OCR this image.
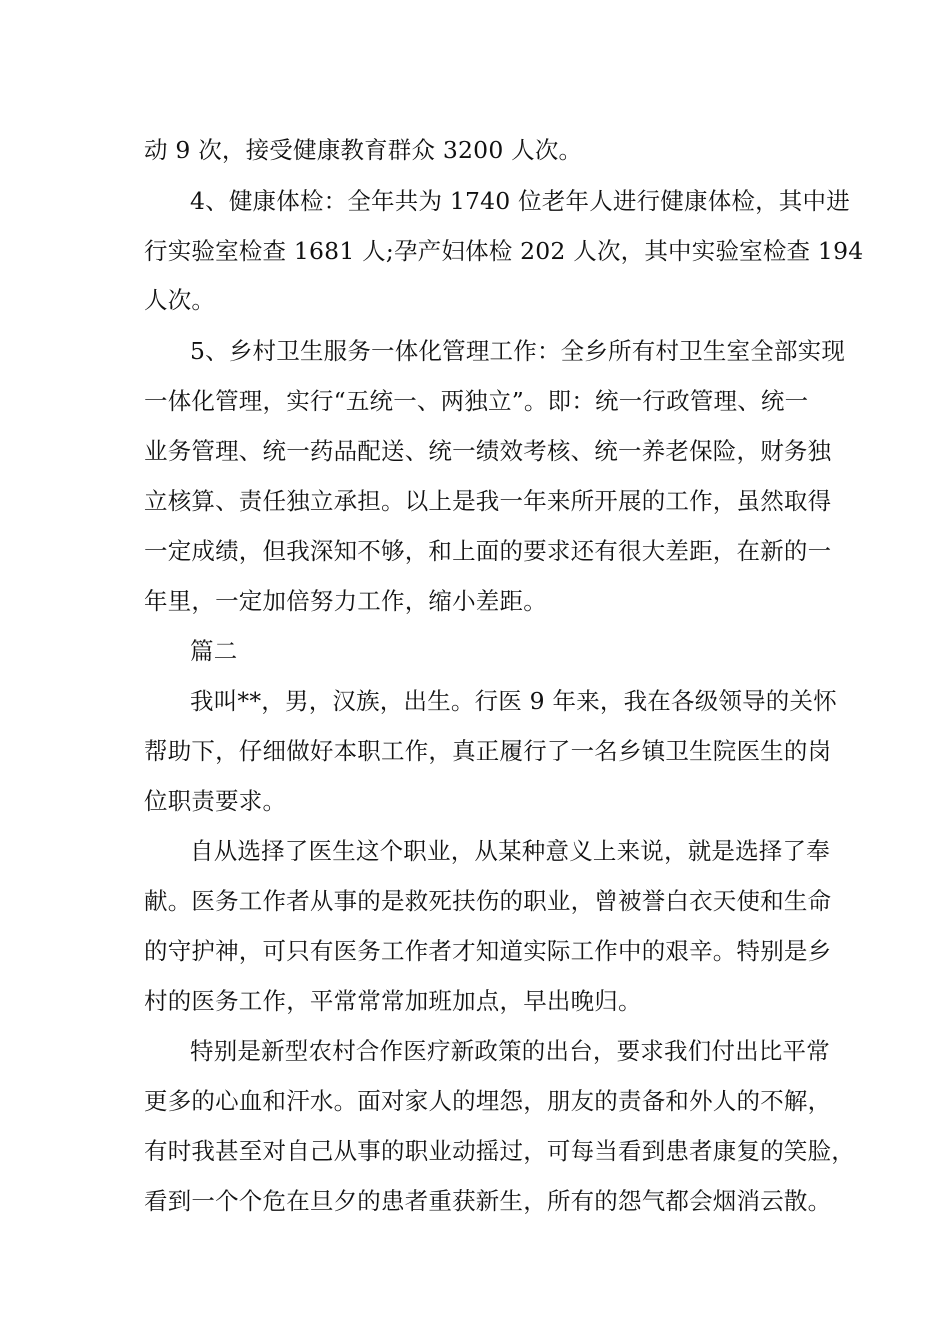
动 9 次，接受健康教育群众 3200 人次。
4、健康体检：全年共为 1740 位老年人进行健康体检，其中进
行实验室检查 1681 人;孕产妇体检 202 人次，其中实验室检查 194
人次。
5、乡村卫生服务一体化管理工作：全乡所有村卫生室全部实现
一体化管理，实行“五统一、两独立”。即：统一行政管理、统一
业务管理、统一药品配送、统一绩效考核、统一养老保险，财务独
立核算、责任独立承担。以上是我一年来所开展的工作，虽然取得
一定成绩，但我深知不够，和上面的要求还有很大差距，在新的一
年里，一定加倍努力工作，缩小差距。
篇二
我叫**，男，汉族，出生。行医 9 年来，我在各级领导的关怀
帮助下，仔细做好本职工作，真正履行了一名乡镇卫生院医生的岗
位职责要求。
自从选择了医生这个职业，从某种意义上来说，就是选择了奉
献。医务工作者从事的是救死扶伤的职业，曾被誉白衣天使和生命
的守护神，可只有医务工作者才知道实际工作中的艰辛。特别是乡
村的医务工作，平常常常加班加点，早出晚归。
特别是新型农村合作医疗新政策的出台，要求我们付出比平常
更多的心血和汗水。面对家人的埋怨，朋友的责备和外人的不解，
有时我甚至对自己从事的职业动摇过，可每当看到患者康复的笑脸，
看到一个个危在旦夕的患者重获新生，所有的怨气都会烟消云散。
